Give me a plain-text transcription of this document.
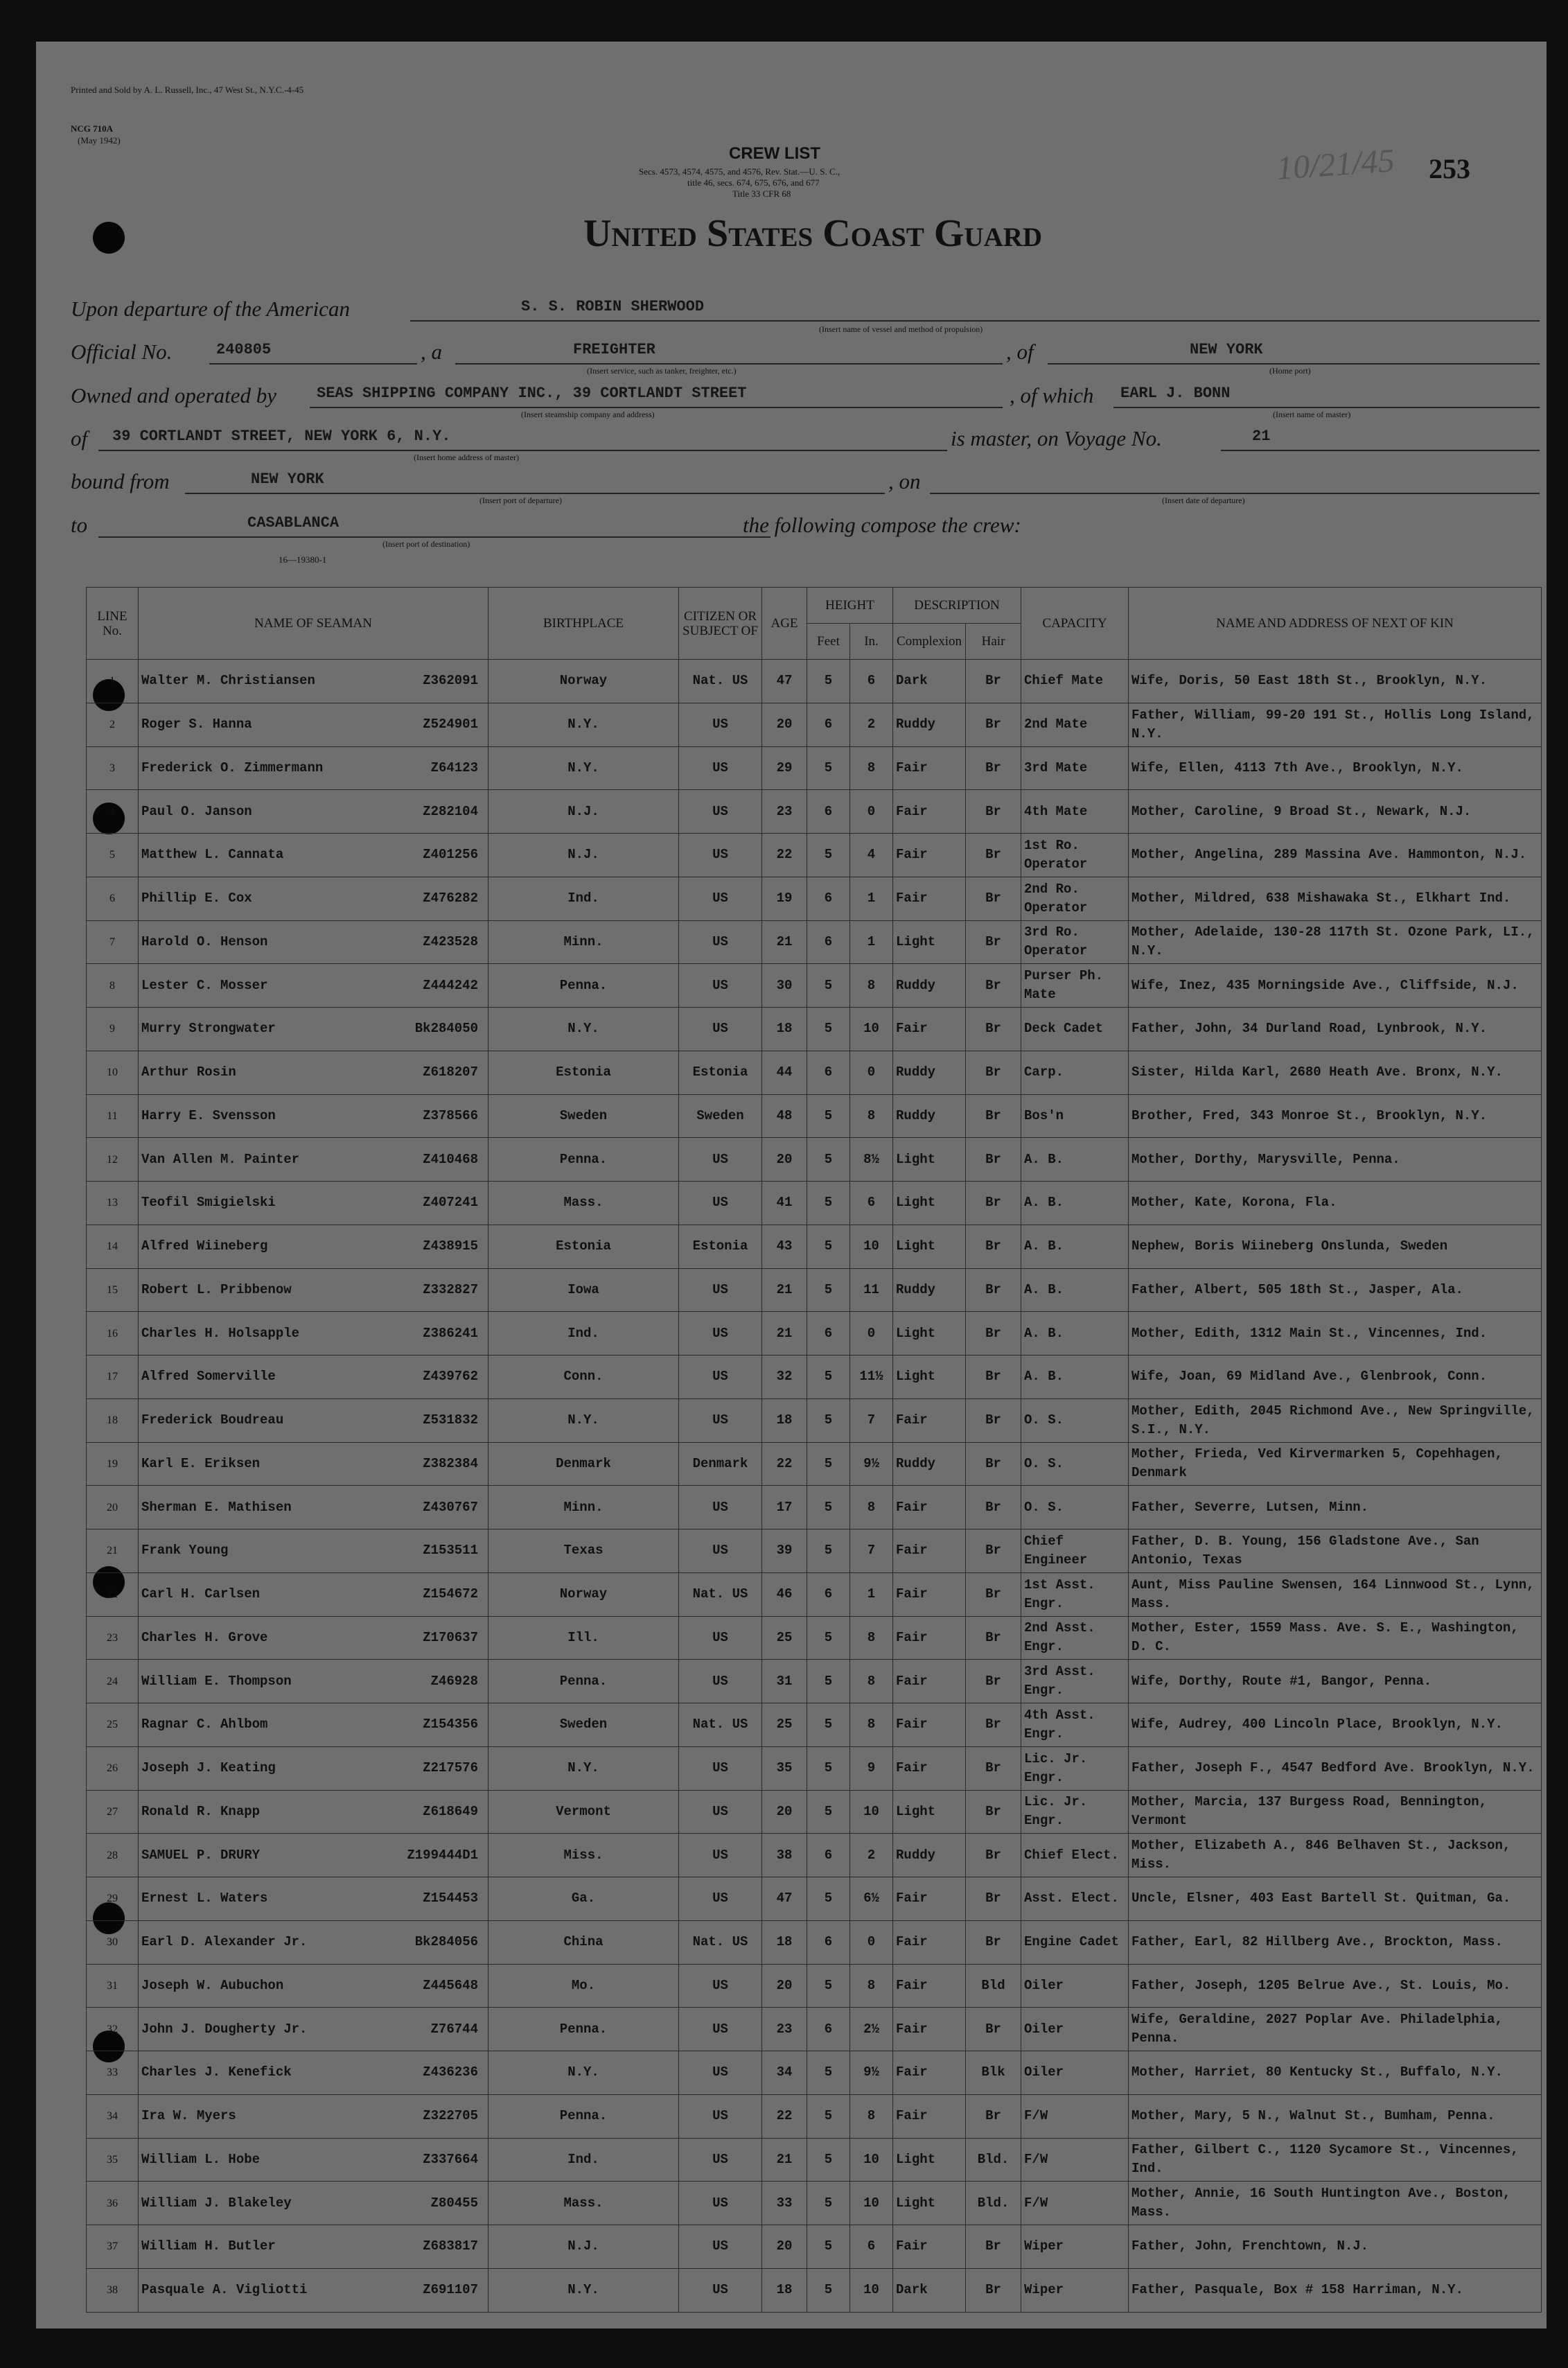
Printed and Sold by A. L. Russell, Inc., 47 West St., N.Y.C.-4-45
NCG 710A
(May 1942)
CREW LIST
Secs. 4573, 4574, 4575, and 4576, Rev. Stat.—U. S. C.,
title 46, secs. 674, 675, 676, and 677
Title 33 CFR 68
253
10/21/45
United States Coast Guard
Upon departure of the American	S. S. ROBIN SHERWOOD
(Insert name of vessel and method of propulsion)
Official No.	240805	, a	FREIGHTER
(Insert service, such as tanker, freighter, etc.)
, of	NEW YORK
(Home port)
Owned and operated by	SEAS SHIPPING COMPANY INC., 39 CORTLANDT STREET
(Insert steamship company and address)
, of which EARL J. BONN
(Insert name of master)
of 39 CORTLANDT STREET, NEW YORK 6, N.Y.
(Insert home address of master)
is master, on Voyage No.	21
bound from	NEW YORK
(Insert port of departure)
, on
(Insert date of departure)
to	CASABLANCA
(Insert port of destination)
the following compose the crew:
16—19380-1
LINE No.	NAME OF SEAMAN	BIRTHPLACE	CITIZEN OR SUBJECT OF	AGE	HEIGHT		DESCRIPTION		CAPACITY	NAME AND ADDRESS OF NEXT OF KIN
					Feet	In.	Complexion	Hair		
1	Walter M. Christiansen Z362091	Norway	Nat. US	47	5	6	Dark	Br	Chief Mate	Wife, Doris, 50 East 18th St., Brooklyn, N.Y.
2	Roger S. Hanna Z524901	N.Y.	US	20	6	2	Ruddy	Br	2nd Mate	Father, William, 99-20 191 St., Hollis Long Island, N.Y.
3	Frederick O. Zimmermann Z64123	N.Y.	US	29	5	8	Fair	Br	3rd Mate	Wife, Ellen, 4113 7th Ave., Brooklyn, N.Y.
4	Paul O. Janson Z282104	N.J.	US	23	6	0	Fair	Br	4th Mate	Mother, Caroline, 9 Broad St., Newark, N.J.
5	Matthew L. Cannata Z401256	N.J.	US	22	5	4	Fair	Br	1st Ro. Operator	Mother, Angelina, 289 Massina Ave. Hammonton, N.J.
6	Phillip E. Cox Z476282	Ind.	US	19	6	1	Fair	Br	2nd Ro. Operator	Mother, Mildred, 638 Mishawaka St., Elkhart Ind.
7	Harold O. Henson Z423528	Minn.	US	21	6	1	Light	Br	3rd Ro. Operator	Mother, Adelaide, 130-28 117th St. Ozone Park, LI., N.Y.
8	Lester C. Mosser Z444242	Penna.	US	30	5	8	Ruddy	Br	Purser Ph. Mate	Wife, Inez, 435 Morningside Ave., Cliffside, N.J.
9	Murry Strongwater Bk284050	N.Y.	US	18	5	10	Fair	Br	Deck Cadet	Father, John, 34 Durland Road, Lynbrook, N.Y.
10	Arthur Rosin Z618207	Estonia	Estonia	44	6	0	Ruddy	Br	Carp.	Sister, Hilda Karl, 2680 Heath Ave. Bronx, N.Y.
11	Harry E. Svensson Z378566	Sweden	Sweden	48	5	8	Ruddy	Br	Bos'n	Brother, Fred, 343 Monroe St., Brooklyn, N.Y.
12	Van Allen M. Painter Z410468	Penna.	US	20	5	8½	Light	Br	A. B.	Mother, Dorthy, Marysville, Penna.
13	Teofil Smigielski Z407241	Mass.	US	41	5	6	Light	Br	A. B.	Mother, Kate, Korona, Fla.
14	Alfred Wiineberg Z438915	Estonia	Estonia	43	5	10	Light	Br	A. B.	Nephew, Boris Wiineberg Onslunda, Sweden
15	Robert L. Pribbenow Z332827	Iowa	US	21	5	11	Ruddy	Br	A. B.	Father, Albert, 505 18th St., Jasper, Ala.
16	Charles H. Holsapple Z386241	Ind.	US	21	6	0	Light	Br	A. B.	Mother, Edith, 1312 Main St., Vincennes, Ind.
17	Alfred Somerville Z439762	Conn.	US	32	5	11½	Light	Br	A. B.	Wife, Joan, 69 Midland Ave., Glenbrook, Conn.
18	Frederick Boudreau Z531832	N.Y.	US	18	5	7	Fair	Br	O. S.	Mother, Edith, 2045 Richmond Ave., New Springville, S.I., N.Y.
19	Karl E. Eriksen Z382384	Denmark	Denmark	22	5	9½	Ruddy	Br	O. S.	Mother, Frieda, Ved Kirvermarken 5, Copehhagen, Denmark
20	Sherman E. Mathisen Z430767	Minn.	US	17	5	8	Fair	Br	O. S.	Father, Severre, Lutsen, Minn.
21	Frank Young Z153511	Texas	US	39	5	7	Fair	Br	Chief Engineer	Father, D. B. Young, 156 Gladstone Ave., San Antonio, Texas
22	Carl H. Carlsen Z154672	Norway	Nat. US	46	6	1	Fair	Br	1st Asst. Engr.	Aunt, Miss Pauline Swensen, 164 Linnwood St., Lynn, Mass.
23	Charles H. Grove Z170637	Ill.	US	25	5	8	Fair	Br	2nd Asst. Engr.	Mother, Ester, 1559 Mass. Ave. S. E., Washington, D. C.
24	William E. Thompson Z46928	Penna.	US	31	5	8	Fair	Br	3rd Asst. Engr.	Wife, Dorthy, Route #1, Bangor, Penna.
25	Ragnar C. Ahlbom Z154356	Sweden	Nat. US	25	5	8	Fair	Br	4th Asst. Engr.	Wife, Audrey, 400 Lincoln Place, Brooklyn, N.Y.
26	Joseph J. Keating Z217576	N.Y.	US	35	5	9	Fair	Br	Lic. Jr. Engr.	Father, Joseph F., 4547 Bedford Ave. Brooklyn, N.Y.
27	Ronald R. Knapp Z618649	Vermont	US	20	5	10	Light	Br	Lic. Jr. Engr.	Mother, Marcia, 137 Burgess Road, Bennington, Vermont
28	SAMUEL P. DRURY Z199444D1	Miss.	US	38	6	2	Ruddy	Br	Chief Elect.	Mother, Elizabeth A., 846 Belhaven St., Jackson, Miss.
29	Ernest L. Waters Z154453	Ga.	US	47	5	6½	Fair	Br	Asst. Elect.	Uncle, Elsner, 403 East Bartell St. Quitman, Ga.
30	Earl D. Alexander Jr. Bk284056	China	Nat. US	18	6	0	Fair	Br	Engine Cadet	Father, Earl, 82 Hillberg Ave., Brockton, Mass.
31	Joseph W. Aubuchon Z445648	Mo.	US	20	5	8	Fair	Bld	Oiler	Father, Joseph, 1205 Belrue Ave., St. Louis, Mo.
32	John J. Dougherty Jr. Z76744	Penna.	US	23	6	2½	Fair	Br	Oiler	Wife, Geraldine, 2027 Poplar Ave. Philadelphia, Penna.
33	Charles J. Kenefick Z436236	N.Y.	US	34	5	9½	Fair	Blk	Oiler	Mother, Harriet, 80 Kentucky St., Buffalo, N.Y.
34	Ira W. Myers Z322705	Penna.	US	22	5	8	Fair	Br	F/W	Mother, Mary, 5 N., Walnut St., Bumham, Penna.
35	William L. Hobe Z337664	Ind.	US	21	5	10	Light	Bld.	F/W	Father, Gilbert C., 1120 Sycamore St., Vincennes, Ind.
36	William J. Blakeley Z80455	Mass.	US	33	5	10	Light	Bld.	F/W	Mother, Annie, 16 South Huntington Ave., Boston, Mass.
37	William H. Butler Z683817	N.J.	US	20	5	6	Fair	Br	Wiper	Father, John, Frenchtown, N.J.
38	Pasquale A. Vigliotti Z691107	N.Y.	US	18	5	10	Dark	Br	Wiper	Father, Pasquale, Box # 158 Harriman, N.Y.
